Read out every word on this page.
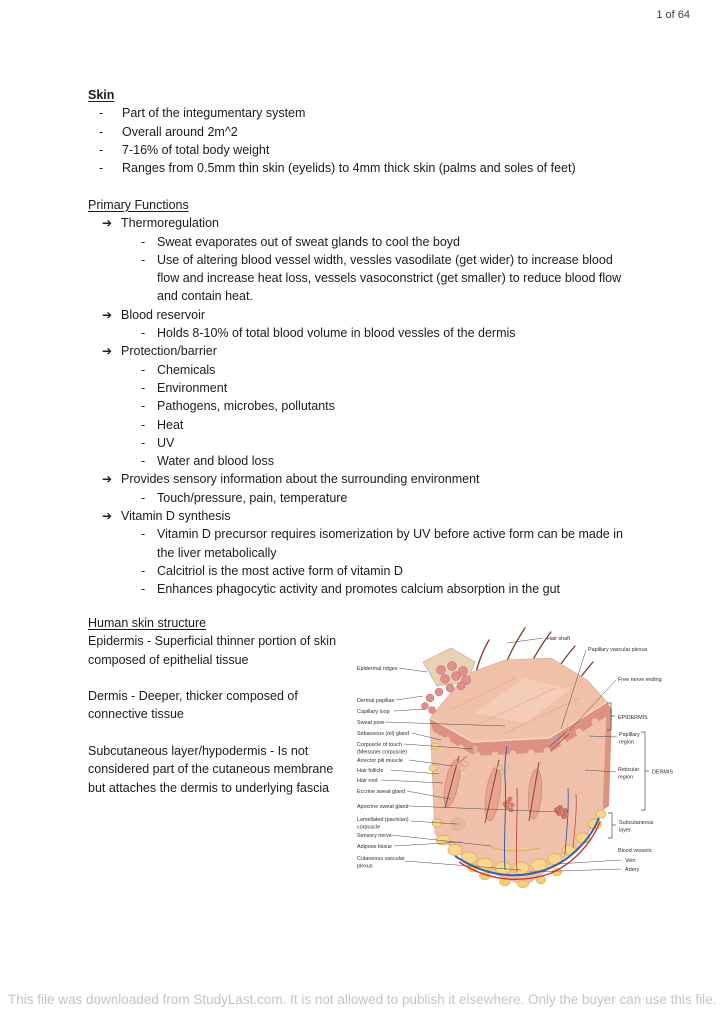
1 of 64
Skin
-	Part of the integumentary system
-	Overall around 2m^2
-	7-16% of total body weight
-	Ranges from 0.5mm thin skin (eyelids) to 4mm thick skin (palms and soles of feet)
Primary Functions
➔ Thermoregulation
- Sweat evaporates out of sweat glands to cool the boyd
- Use of altering blood vessel width, vessles vasodilate (get wider) to increase blood flow and increase heat loss, vessels vasoconstrict (get smaller) to reduce blood flow and contain heat.
➔ Blood reservoir
- Holds 8-10% of total blood volume in blood vessles of the dermis
➔ Protection/barrier
- Chemicals
- Environment
- Pathogens, microbes, pollutants
- Heat
- UV
- Water and blood loss
➔ Provides sensory information about the surrounding environment
- Touch/pressure, pain, temperature
➔ Vitamin D synthesis
- Vitamin D precursor requires isomerization by UV before active form can be made in the liver metabolically
- Calcitriol is the most active form of vitamin D
- Enhances phagocytic activity and promotes calcium absorption in the gut
Human skin structure
Epidermis - Superficial thinner portion of skin composed of epithelial tissue
Dermis - Deeper, thicker composed of connective tissue
Subcutaneous layer/hypodermis - Is not considered part of the cutaneous membrane but attaches the dermis to underlying fascia
Epidermal ridges
Dermal papillae
Capillary loop
Sweat pore
Sebaceous (oil) gland
Corpuscle of touch
(Meissner corpuscle)
Arrector pili muscle
Hair follicle
Hair root
Eccrine sweat gland
Apocrine sweat gland
Lamellated (pacinian)
corpuscle
Sensory nerve
Adipose tissue
Cutaneous vascular
plexus
Hair shaft
Papillary vascular plexus
Free nerve ending
EPIDERMIS
Papillary
region
Reticular
region
DERMIS
Subcutaneous
layer
Blood vessels:
Vein
Artery
This file was downloaded from StudyLast.com. It is not allowed to publish it elsewhere. Only the buyer can use this file.
